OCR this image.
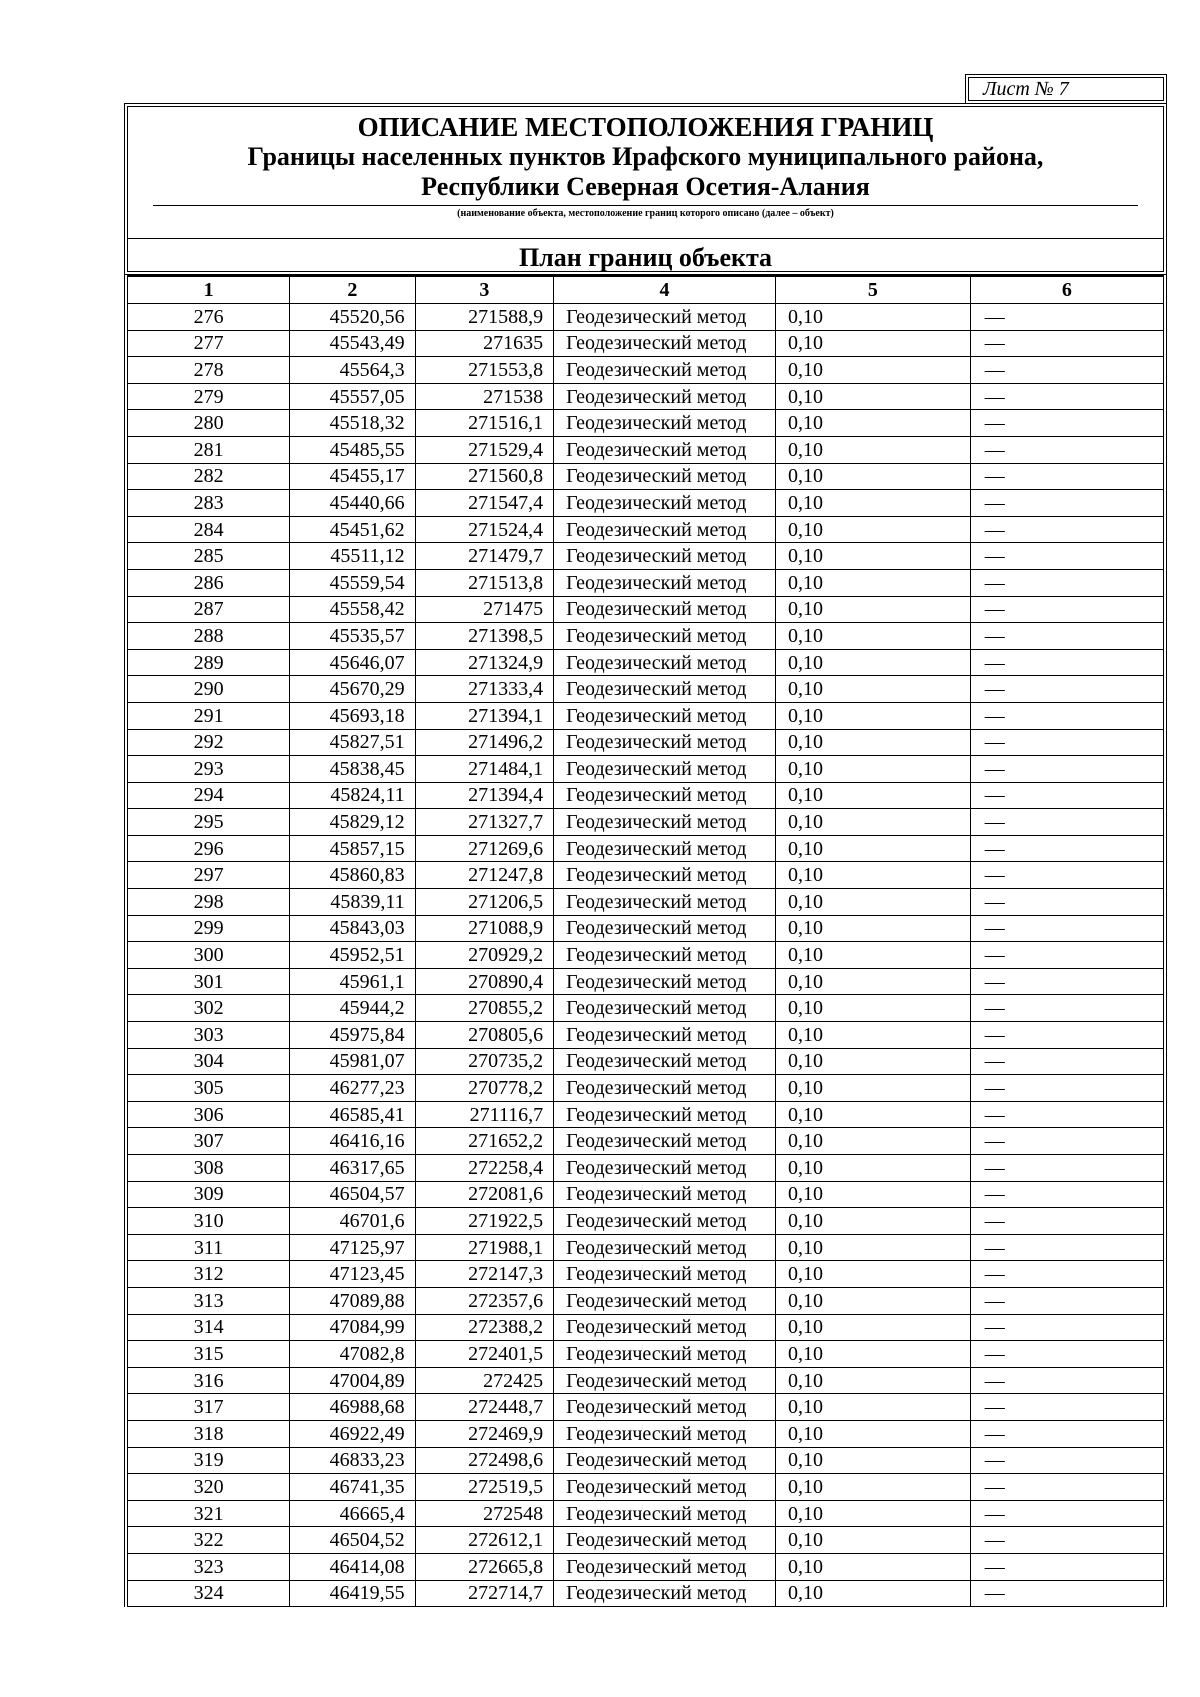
Лист № 7
ОПИСАНИЕ МЕСТОПОЛОЖЕНИЯ ГРАНИЦ
Границы населенных пунктов Ирафского муниципального района,
Республики Северная Осетия-Алания
(наименование объекта, местоположение границ которого описано (далее – объект)
План границ объекта
1	2	3	4	5	6
276	45520,56	271588,9	Геодезический метод	0,10	—
277	45543,49	271635	Геодезический метод	0,10	—
278	45564,3	271553,8	Геодезический метод	0,10	—
279	45557,05	271538	Геодезический метод	0,10	—
280	45518,32	271516,1	Геодезический метод	0,10	—
281	45485,55	271529,4	Геодезический метод	0,10	—
282	45455,17	271560,8	Геодезический метод	0,10	—
283	45440,66	271547,4	Геодезический метод	0,10	—
284	45451,62	271524,4	Геодезический метод	0,10	—
285	45511,12	271479,7	Геодезический метод	0,10	—
286	45559,54	271513,8	Геодезический метод	0,10	—
287	45558,42	271475	Геодезический метод	0,10	—
288	45535,57	271398,5	Геодезический метод	0,10	—
289	45646,07	271324,9	Геодезический метод	0,10	—
290	45670,29	271333,4	Геодезический метод	0,10	—
291	45693,18	271394,1	Геодезический метод	0,10	—
292	45827,51	271496,2	Геодезический метод	0,10	—
293	45838,45	271484,1	Геодезический метод	0,10	—
294	45824,11	271394,4	Геодезический метод	0,10	—
295	45829,12	271327,7	Геодезический метод	0,10	—
296	45857,15	271269,6	Геодезический метод	0,10	—
297	45860,83	271247,8	Геодезический метод	0,10	—
298	45839,11	271206,5	Геодезический метод	0,10	—
299	45843,03	271088,9	Геодезический метод	0,10	—
300	45952,51	270929,2	Геодезический метод	0,10	—
301	45961,1	270890,4	Геодезический метод	0,10	—
302	45944,2	270855,2	Геодезический метод	0,10	—
303	45975,84	270805,6	Геодезический метод	0,10	—
304	45981,07	270735,2	Геодезический метод	0,10	—
305	46277,23	270778,2	Геодезический метод	0,10	—
306	46585,41	271116,7	Геодезический метод	0,10	—
307	46416,16	271652,2	Геодезический метод	0,10	—
308	46317,65	272258,4	Геодезический метод	0,10	—
309	46504,57	272081,6	Геодезический метод	0,10	—
310	46701,6	271922,5	Геодезический метод	0,10	—
311	47125,97	271988,1	Геодезический метод	0,10	—
312	47123,45	272147,3	Геодезический метод	0,10	—
313	47089,88	272357,6	Геодезический метод	0,10	—
314	47084,99	272388,2	Геодезический метод	0,10	—
315	47082,8	272401,5	Геодезический метод	0,10	—
316	47004,89	272425	Геодезический метод	0,10	—
317	46988,68	272448,7	Геодезический метод	0,10	—
318	46922,49	272469,9	Геодезический метод	0,10	—
319	46833,23	272498,6	Геодезический метод	0,10	—
320	46741,35	272519,5	Геодезический метод	0,10	—
321	46665,4	272548	Геодезический метод	0,10	—
322	46504,52	272612,1	Геодезический метод	0,10	—
323	46414,08	272665,8	Геодезический метод	0,10	—
324	46419,55	272714,7	Геодезический метод	0,10	—
